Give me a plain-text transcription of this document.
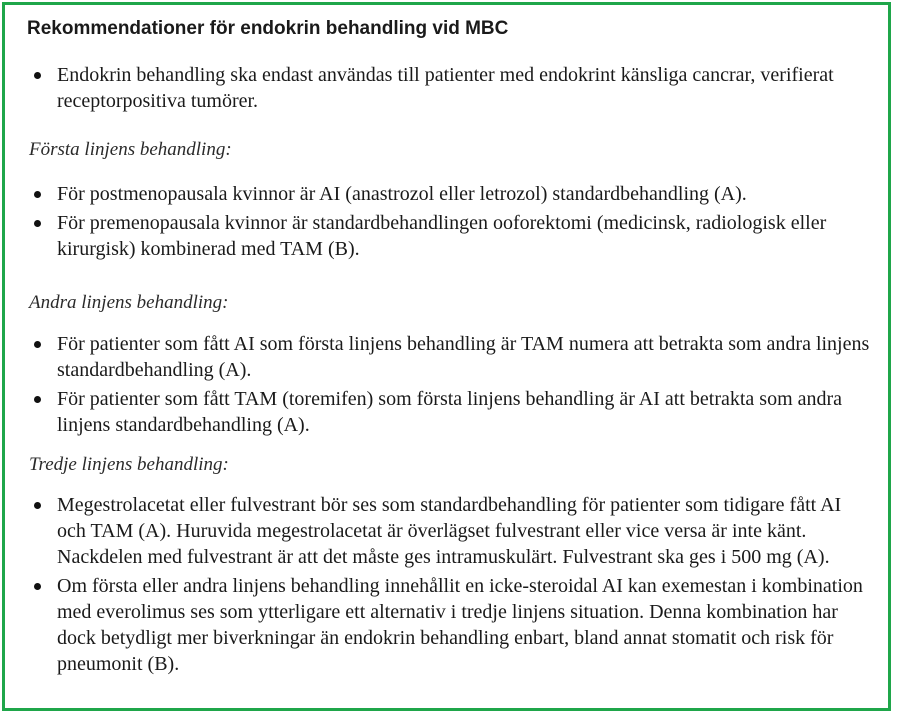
Rekommendationer för endokrin behandling vid MBC
Endokrin behandling ska endast användas till patienter med endokrint känsliga cancrar, verifierat receptorpositiva tumörer.

Första linjens behandling:

För postmenopausala kvinnor är AI (anastrozol eller letrozol) standardbehandling (A).
För premenopausala kvinnor är standardbehandlingen ooforektomi (medicinsk, radiologisk eller kirurgisk) kombinerad med TAM (B).

Andra linjens behandling:

För patienter som fått AI som första linjens behandling är TAM numera att betrakta som andra linjens standardbehandling (A).
För patienter som fått TAM (toremifen) som första linjens behandling är AI att betrakta som andra linjens standardbehandling (A).

Tredje linjens behandling:

Megestrolacetat eller fulvestrant bör ses som standardbehandling för patienter som tidigare fått AI och TAM (A). Huruvida megestrolacetat är överlägset fulvestrant eller vice versa är inte känt. Nackdelen med fulvestrant är att det måste ges intramuskulärt. Fulvestrant ska ges i 500 mg (A).
Om första eller andra linjens behandling innehållit en icke-steroidal AI kan exemestan i kombination med everolimus ses som ytterligare ett alternativ i tredje linjens situation. Denna kombination har dock betydligt mer biverkningar än endokrin behandling enbart, bland annat stomatit och risk för pneumonit (B).
